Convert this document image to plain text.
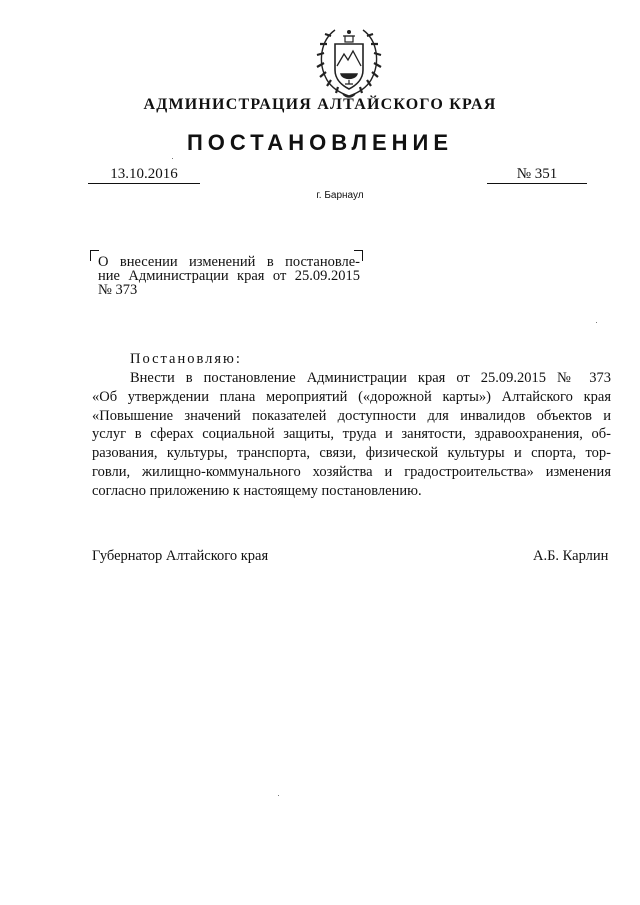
АДМИНИСТРАЦИЯ АЛТАЙСКОГО КРАЯ
ПОСТАНОВЛЕНИЕ
13.10.2016	№ 351
г. Барнаул
О внесении изменений в постановле-
ние Администрации края от 25.09.2015
№ 373
Постановляю:
Внести в постановление Администрации края от 25.09.2015 № 373
«Об утверждении плана мероприятий («дорожной карты») Алтайского края
«Повышение значений показателей доступности для инвалидов объектов и
услуг в сферах социальной защиты, труда и занятости, здравоохранения, об-
разования, культуры, транспорта, связи, физической культуры и спорта, тор-
говли, жилищно-коммунального хозяйства и градостроительства» изменения
согласно приложению к настоящему постановлению.
Губернатор Алтайского края	А.Б. Карлин
